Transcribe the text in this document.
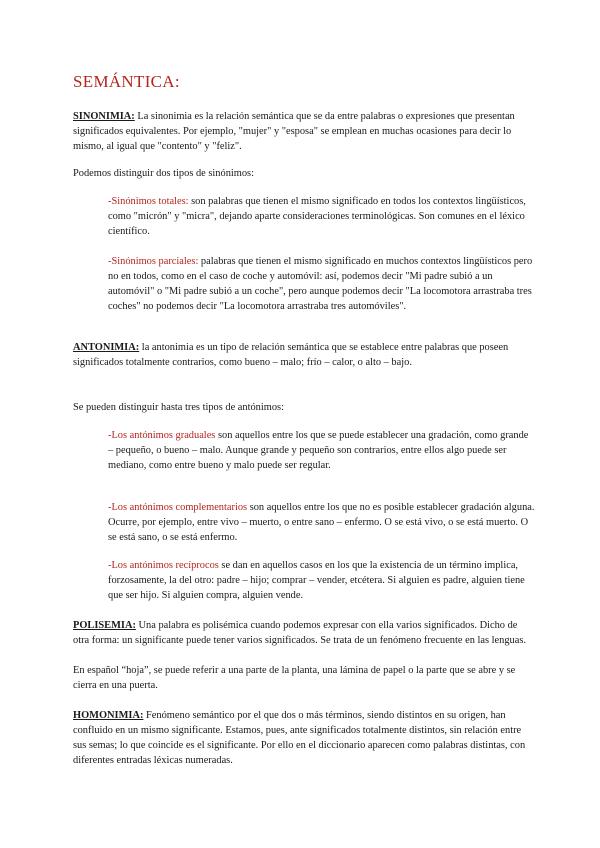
SEMÁNTICA:

SINONIMIA: La sinonimia es la relación semántica que se da entre palabras o expresiones que presentan significados equivalentes. Por ejemplo, "mujer" y "esposa" se emplean en muchas ocasiones para decir lo mismo, al igual que "contento" y "feliz".

Podemos distinguir dos tipos de sinónimos:

-Sinónimos totales: son palabras que tienen el mismo significado en todos los contextos lingüísticos, como "micrón" y "micra", dejando aparte consideraciones terminológicas. Son comunes en el léxico científico.

-Sinónimos parciales: palabras que tienen el mismo significado en muchos contextos lingüísticos pero no en todos, como en el caso de coche y automóvil: así, podemos decir "Mi padre subió a un automóvil" o "Mi padre subió a un coche", pero aunque podemos decir "La locomotora arrastraba tres coches" no podemos decir "La locomotora arrastraba tres automóviles".

ANTONIMIA: la antonimia es un tipo de relación semántica que se establece entre palabras que poseen significados totalmente contrarios, como bueno – malo; frío – calor, o alto – bajo.

Se pueden distinguir hasta tres tipos de antónimos:

-Los antónimos graduales son aquellos entre los que se puede establecer una gradación, como grande – pequeño, o bueno – malo. Aunque grande y pequeño son contrarios, entre ellos algo puede ser mediano, como entre bueno y malo puede ser regular.

-Los antónimos complementarios son aquellos entre los que no es posible establecer gradación alguna. Ocurre, por ejemplo, entre vivo – muerto, o entre sano – enfermo. O se está vivo, o se está muerto. O se está sano, o se está enfermo.

-Los antónimos recíprocos se dan en aquellos casos en los que la existencia de un término implica, forzosamente, la del otro: padre – hijo; comprar – vender, etcétera. Si alguien es padre, alguien tiene que ser hijo. Si alguien compra, alguien vende.

POLISEMIA: Una palabra es polisémica cuando podemos expresar con ella varios significados. Dicho de otra forma: un significante puede tener varios significados. Se trata de un fenómeno frecuente en las lenguas.

En español “hoja”, se puede referir a una parte de la planta, una lámina de papel o la parte que se abre y se cierra en una puerta.

HOMONIMIA: Fenómeno semántico por el que dos o más términos, siendo distintos en su origen, han confluido en un mismo significante. Estamos, pues, ante significados totalmente distintos, sin relación entre sus semas; lo que coincide es el significante. Por ello en el diccionario aparecen como palabras distintas, con diferentes entradas léxicas numeradas.
